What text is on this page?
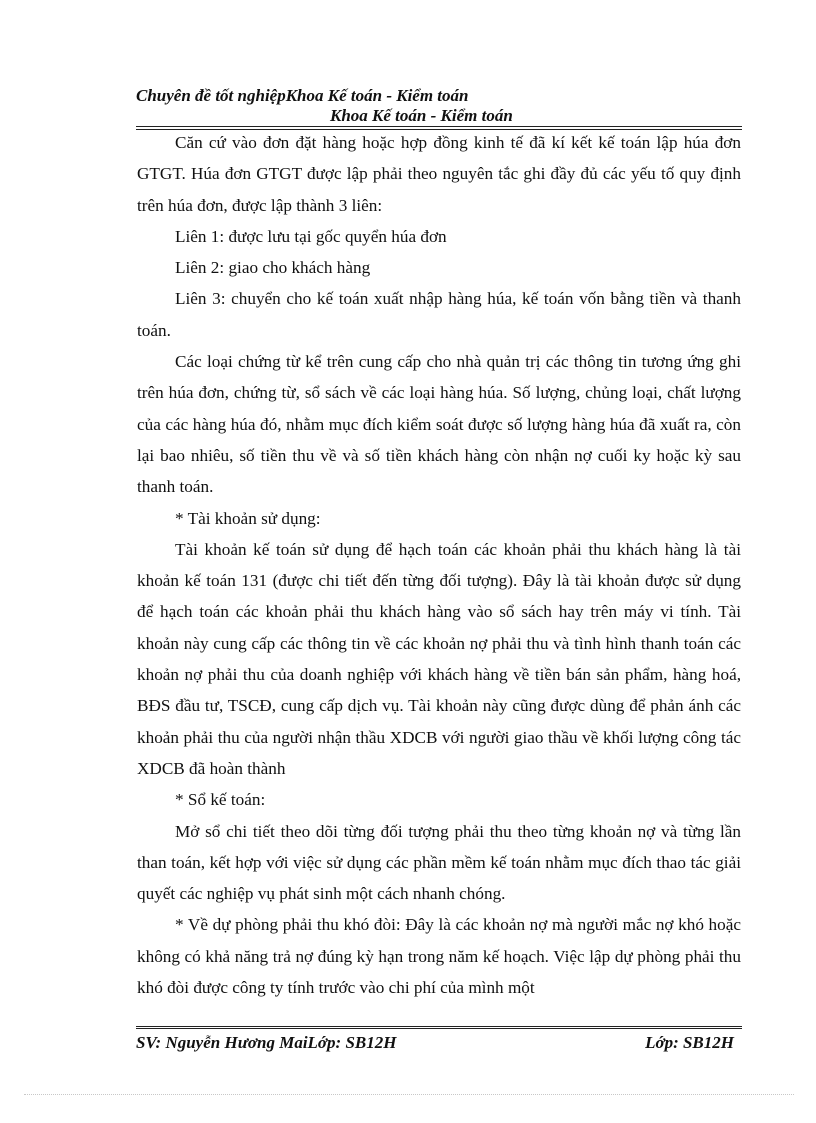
Chuyên đề tốt nghiệpKhoa Kế toán - Kiểm toán
Khoa Kế toán - Kiểm toán

Căn cứ vào đơn đặt hàng hoặc hợp đồng kinh tế đã kí kết kế toán lập húa đơn GTGT. Húa đơn GTGT được lập phải theo nguyên tắc ghi đầy đủ các yếu tố quy định trên húa đơn, được lập thành 3 liên:

Liên 1: được lưu tại gốc quyển húa đơn

Liên 2: giao cho khách hàng

Liên 3: chuyển cho kế toán xuất nhập hàng húa, kế toán vốn bằng tiền và thanh toán.

Các loại chứng từ kể trên cung cấp cho nhà quản trị các thông tin tương ứng ghi trên húa đơn, chứng từ, sổ sách về các loại hàng húa. Số lượng, chủng loại, chất lượng của các hàng húa đó, nhằm mục đích kiểm soát được số lượng hàng húa đã xuất ra, còn lại bao nhiêu, số tiền thu về và số tiền khách hàng còn nhận nợ cuối ky hoặc kỳ sau thanh toán.

* Tài khoản sử dụng:

Tài khoản kế toán sử dụng để hạch toán các khoản phải thu khách hàng là tài khoản kế toán 131 (được chi tiết đến từng đối tượng). Đây là tài khoản được sử dụng để hạch toán các khoản phải thu khách hàng vào sổ sách hay trên máy vi tính. Tài khoản này cung cấp các thông tin về các khoản nợ phải thu và tình hình thanh toán các khoản nợ phải thu của doanh nghiệp với khách hàng về tiền bán sản phẩm, hàng hoá, BĐS đầu tư, TSCĐ, cung cấp dịch vụ. Tài khoản này cũng được dùng để phản ánh các khoản phải thu của người nhận thầu XDCB với người giao thầu về khối lượng công tác XDCB đã hoàn thành

* Sổ kế toán:

Mở sổ chi tiết theo dõi từng đối tượng phải thu theo từng khoản nợ và từng lần than toán, kết hợp với việc sử dụng các phần mềm kế toán nhằm mục đích thao tác giải quyết các nghiệp vụ phát sinh một cách nhanh chóng.

* Về dự phòng phải thu khó đòi: Đây là các khoản nợ mà người mắc nợ khó hoặc không có khả năng trả nợ đúng kỳ hạn trong năm kế hoạch. Việc lập dự phòng phải thu khó đòi được công ty tính trước vào chi phí của mình một

SV: Nguyễn Hương MaiLớp: SB12H	Lớp: SB12H
